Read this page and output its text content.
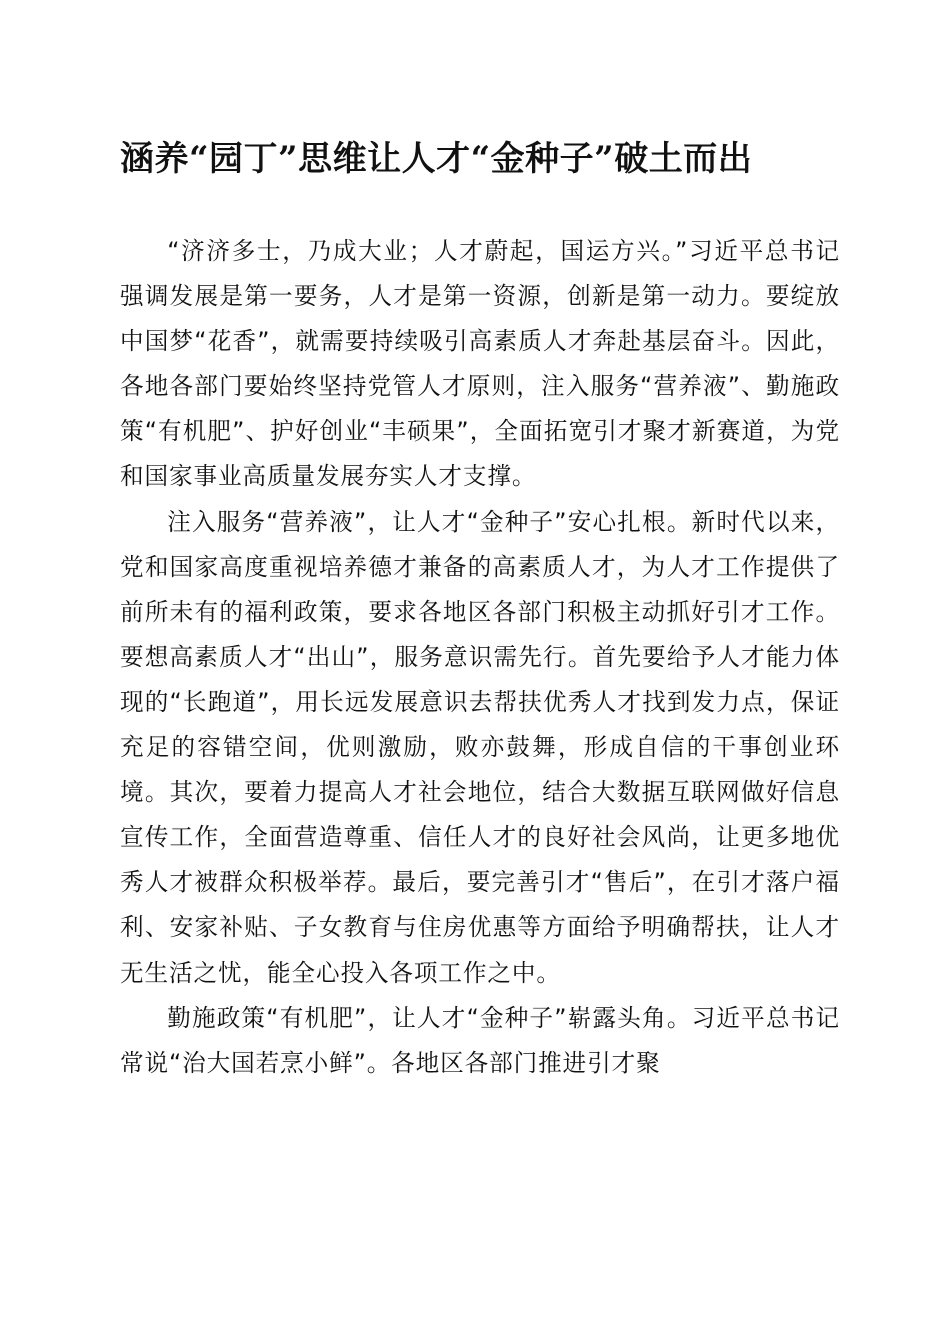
涵养“园丁”思维让人才“金种子”破土而出

“济济多士，乃成大业；人才蔚起，国运方兴。”习近平总书记强调发展是第一要务，人才是第一资源，创新是第一动力。要绽放中国梦“花香”，就需要持续吸引高素质人才奔赴基层奋斗。因此，各地各部门要始终坚持党管人才原则，注入服务“营养液”、勤施政策“有机肥”、护好创业“丰硕果”，全面拓宽引才聚才新赛道，为党和国家事业高质量发展夯实人才支撑。

注入服务“营养液”，让人才“金种子”安心扎根。新时代以来，党和国家高度重视培养德才兼备的高素质人才，为人才工作提供了前所未有的福利政策，要求各地区各部门积极主动抓好引才工作。要想高素质人才“出山”，服务意识需先行。首先要给予人才能力体现的“长跑道”，用长远发展意识去帮扶优秀人才找到发力点，保证充足的容错空间，优则激励，败亦鼓舞，形成自信的干事创业环境。其次，要着力提高人才社会地位，结合大数据互联网做好信息宣传工作，全面营造尊重、信任人才的良好社会风尚，让更多地优秀人才被群众积极举荐。最后，要完善引才“售后”，在引才落户福利、安家补贴、子女教育与住房优惠等方面给予明确帮扶，让人才无生活之忧，能全心投入各项工作之中。

勤施政策“有机肥”，让人才“金种子”崭露头角。习近平总书记常说“治大国若烹小鲜”。各地区各部门推进引才聚
